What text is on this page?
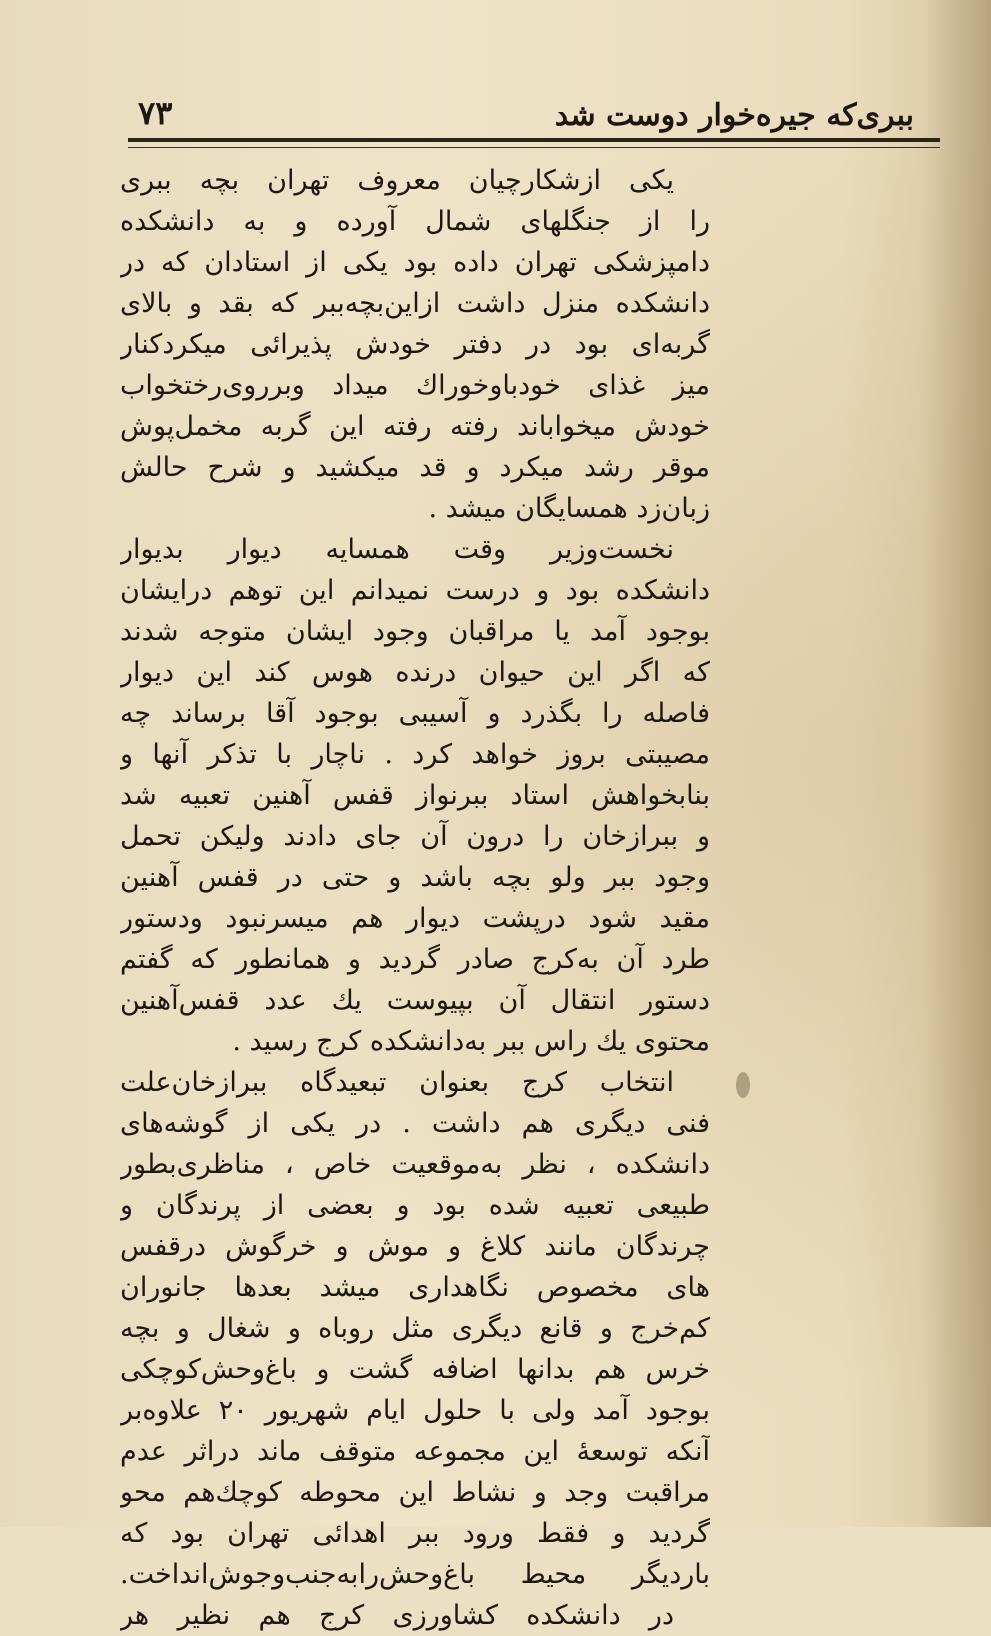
ببری‌که جیره‌خوار دوست شد
۷۳
یکی ازشکارچیان معروف تهران بچه ببری
را از جنگلهای شمال آورده و به دانشکده
دامپزشکی تهران داده بود یکی از استادان که در
دانشکده منزل داشت ازاین‌بچه‌ببر که بقد و بالای
گربه‌ای بود در دفتر خودش پذیرائی میکردکنار
میز غذای خودباوخوراك میداد وبرروی‌رختخواب
خودش میخواباند رفته رفته این گربه مخمل‌پوش
موقر رشد میکرد و قد میکشید و شرح حالش
زبان‌زد همسایگان میشد .
نخست‌وزیر وقت همسایه دیوار بدیوار
دانشکده بود و درست نمیدانم این توهم درایشان
بوجود آمد یا مراقبان وجود ایشان متوجه شدند
که اگر این حیوان درنده هوس کند این دیوار
فاصله را بگذرد و آسیبی بوجود آقا برساند چه
مصیبتی بروز خواهد کرد . ناچار با تذکر آنها و
بنابخواهش استاد ببرنواز قفس آهنین تعبیه شد
و ببرازخان را درون آن جای دادند ولیکن تحمل
وجود ببر ولو بچه باشد و حتی در قفس آهنین
مقید شود درپشت دیوار هم میسرنبود ودستور
طرد آن به‌کرج صادر گردید و همانطور که گفتم
دستور انتقال آن بپیوست یك عدد قفس‌آهنین
محتوی یك راس ببر به‌دانشکده کرج رسید .
انتخاب کرج بعنوان تبعیدگاه ببرازخان‌علت
فنی دیگری هم داشت . در یکی از گوشه‌های
دانشکده ، نظر به‌موقعیت خاص ، مناظری‌بطور
طبیعی تعبیه شده بود و بعضی از پرندگان و
چرندگان مانند کلاغ و موش و خرگوش درقفس
های مخصوص نگاهداری میشد بعدها جانوران
کم‌خرج و قانع دیگری مثل روباه و شغال و بچه
خرس هم بدانها اضافه گشت و باغ‌وحش‌کوچکی
بوجود آمد ولی با حلول ایام شهریور ۲۰ علاوه‌بر
آنکه توسعهٔ این مجموعه متوقف ماند دراثر عدم
مراقبت وجد و نشاط این محوطه کوچك‌هم محو
گردید و فقط ورود ببر اهدائی تهران بود که
باردیگر محیط باغ‌وحش‌رابه‌جنب‌وجوش‌انداخت.
در دانشکده کشاورزی کرج هم نظیر هر
